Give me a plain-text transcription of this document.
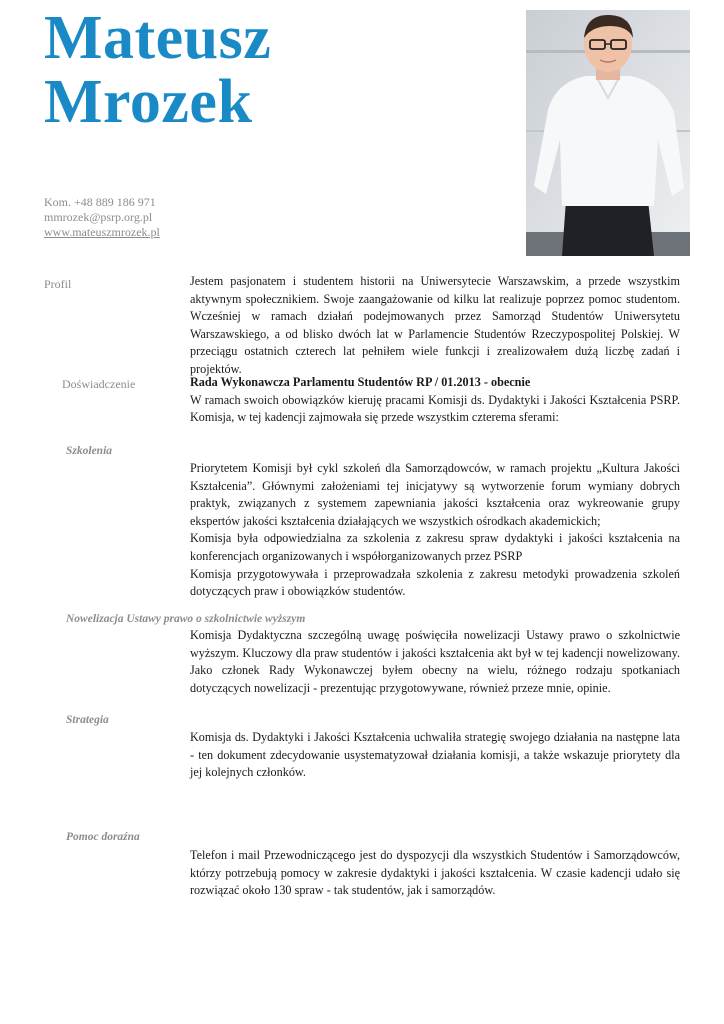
Mateusz
Mrozek
Kom. +48 889 186 971
mmrozek@psrp.org.pl
www.mateuszmrozek.pl
Profil	Jestem pasjonatem i studentem historii na Uniwersytecie Warszawskim, a przede wszystkim aktywnym społecznikiem. Swoje zaangażowanie od kilku lat realizuje poprzez pomoc studentom. Wcześniej w ramach działań podejmowanych przez Samorząd Studentów Uniwersytetu Warszawskiego, a od blisko dwóch lat w Parlamencie Studentów Rzeczypospolitej Polskiej. W przeciągu ostatnich czterech lat pełniłem wiele funkcji i zrealizowałem dużą liczbę zadań i projektów.

Doświadczenie	Rada Wykonawcza Parlamentu Studentów RP / 01.2013 - obecnie

W ramach swoich obowiązków kieruję pracami Komisji ds. Dydaktyki i Jakości Kształcenia PSRP. Komisja, w tej kadencji zajmowała się przede wszystkim czterema sferami:

Szkolenia

Priorytetem Komisji był cykl szkoleń dla Samorządowców, w ramach projektu „Kultura Jakości Kształcenia”. Głównymi założeniami tej inicjatywy są wytworzenie forum wymiany dobrych praktyk, związanych z systemem zapewniania jakości kształcenia oraz wykreowanie grupy ekspertów jakości kształcenia działających we wszystkich ośrodkach akademickich;

Komisja była odpowiedzialna za szkolenia z zakresu spraw dydaktyki i jakości kształcenia na konferencjach organizowanych i współorganizowanych przez PSRP

Komisja przygotowywała i przeprowadzała szkolenia z zakresu metodyki prowadzenia szkoleń dotyczących praw i obowiązków studentów.

Nowelizacja Ustawy prawo o szkolnictwie wyższym

Komisja Dydaktyczna szczególną uwagę poświęciła nowelizacji Ustawy prawo o szkolnictwie wyższym. Kluczowy dla praw studentów i jakości kształcenia akt był w tej kadencji nowelizowany. Jako członek Rady Wykonawczej byłem obecny na wielu, różnego rodzaju spotkaniach dotyczących nowelizacji - prezentując przygotowywane, również przeze mnie, opinie.

Strategia

Komisja ds. Dydaktyki i Jakości Kształcenia uchwaliła strategię swojego działania na następne lata - ten dokument zdecydowanie usystematyzował działania komisji, a także wskazuje priorytety dla jej kolejnych członków.

Pomoc doraźna

Telefon i mail Przewodniczącego jest do dyspozycji dla wszystkich Studentów i Samorządowców, którzy potrzebują pomocy w zakresie dydaktyki i jakości kształcenia. W czasie kadencji udało się rozwiązać około 130 spraw - tak studentów, jak i samorządów.
